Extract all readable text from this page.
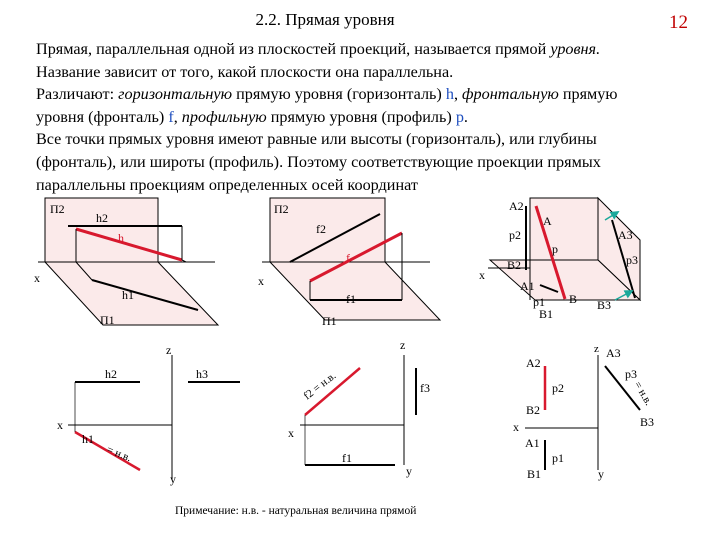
2.2. Прямая уровня	12
Прямая, параллельная одной из плоскостей проекций, называется прямой уровня.
Название зависит от того, какой плоскости она параллельна.
Различают: горизонтальную прямую уровня (горизонталь) h, фронтальную прямую
уровня (фронталь) f, профильную прямую уровня (профиль) p.
Все точки прямых уровня имеют равные или высоты (горизонталь), или глубины
(фронталь), или широты (профиль). Поэтому соответствующие проекции прямых
параллельны проекциям определенных осей координат
П2
h2
h
x
h1
П1
П2
f2
f
x
f1
П1
A2
A
A3
p2
p
p3
B2
x
A1
p1 B B3
B1
z
h2	h3
x
h1
= н.в.
y
z
f2 = н.в.	f3
x
f1
y
z A3
A2
p3
= н.в.
p2
B2
B3
x
A1
p1
B1	y
Примечание: н.в. - натуральная величина прямой
